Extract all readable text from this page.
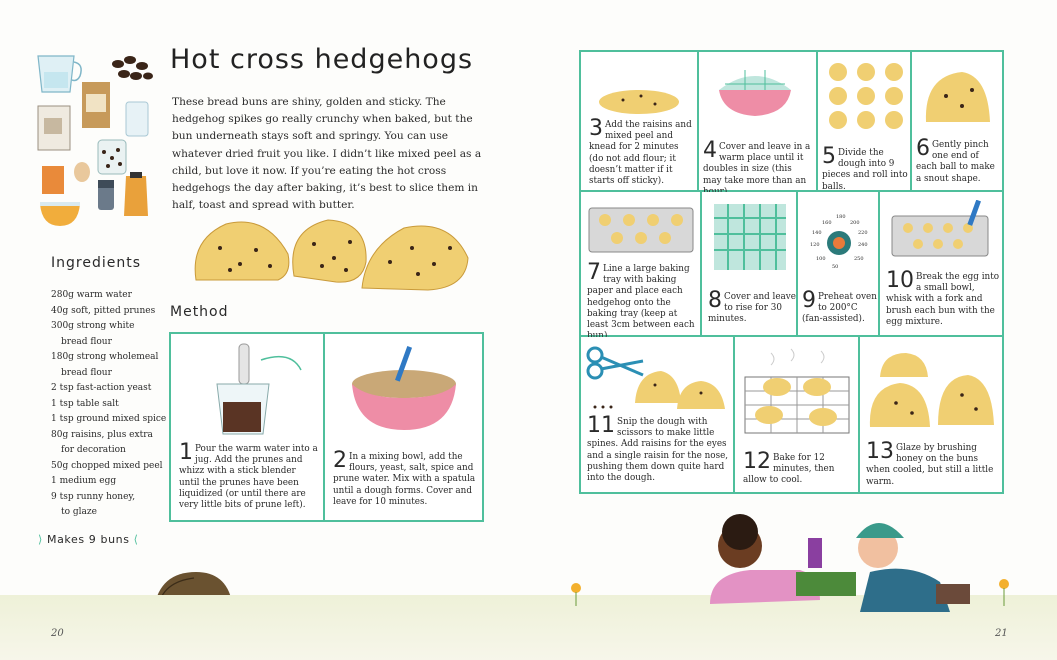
Hot cross hedgehogs

These bread buns are shiny, golden and sticky. The hedgehog spikes go really crunchy when baked, but the bun underneath stays soft and springy. You can use whatever dried fruit you like. I didn’t like mixed peel as a child, but love it now. If you’re eating the hot cross hedgehogs the day after baking, it’s best to slice them in half, toast and spread with butter.

Ingredients
280g warm water
40g soft, pitted prunes
300g strong white
bread flour
180g strong wholemeal
bread flour
2 tsp fast-action yeast
1 tsp table salt
1 tsp ground mixed spice
80g raisins, plus extra
for decoration
50g chopped mixed peel
1 medium egg
9 tsp runny honey,
to glaze
⟩ Makes 9 buns ⟨
Method
1 Pour the warm water into a jug. Add the prunes and whizz with a stick blender until the prunes have been liquidized (or until there are very little bits of prune left).
2 In a mixing bowl, add the flours, yeast, salt, spice and prune water. Mix with a spatula until a dough forms. Cover and leave for 10 minutes.
20
3 Add the raisins and mixed peel and knead for 2 minutes (do not add flour; it doesn’t matter if it starts off sticky).
4 Cover and leave in a warm place until it doubles in size (this may take more than an
5 Divide the dough into 9 pieces and roll into balls.
6 Gently pinch one end of each ball to make a snout shape.
7 Line a large baking tray with baking paper and place each hedgehog onto the baking tray (keep at least 3cm between each
8 Cover and leave to rise for 30 minutes.
100
120
140
160
180
200
220
240
250
50
9 Preheat oven to 200°C (fan-assisted).
10 Break the egg into a small bowl, whisk with a fork and brush each bun with the egg mixture.
11 Snip the dough with scissors to make little spines. Add raisins for the eyes and a single raisin for the nose, pushing them down quite hard into the dough.
12 Bake for 12 minutes, then allow to cool.
13 Glaze by brushing honey on the buns when cooled, but still a little warm.
21
